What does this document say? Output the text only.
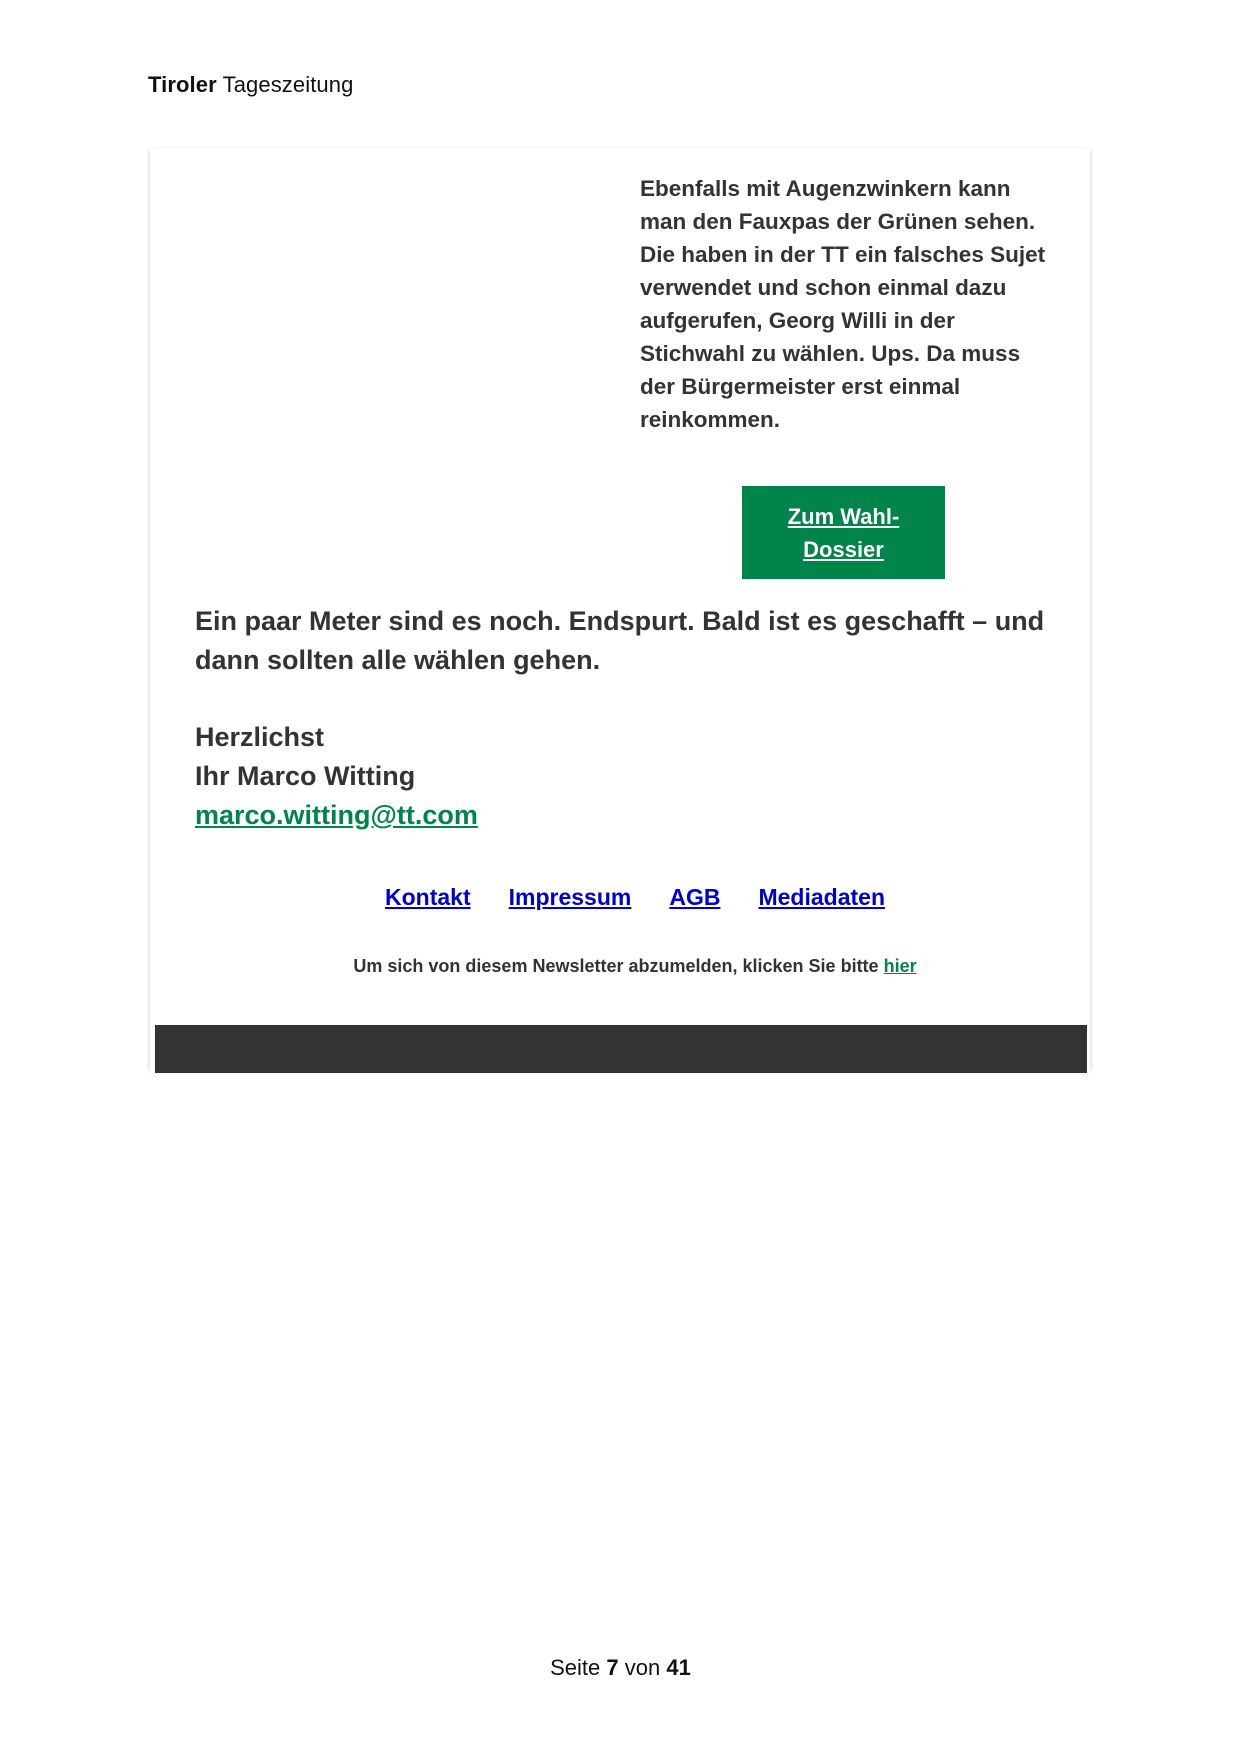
Tiroler Tageszeitung

Ebenfalls mit Augenzwinkern kann man den Fauxpas der Grünen sehen. Die haben in der TT ein falsches Sujet verwendet und schon einmal dazu aufgerufen, Georg Willi in der Stichwahl zu wählen. Ups. Da muss der Bürgermeister erst einmal reinkommen.

Zum Wahl-Dossier

Ein paar Meter sind es noch. Endspurt. Bald ist es geschafft – und dann sollten alle wählen gehen.

Herzlichst
Ihr Marco Witting
marco.witting@tt.com
Kontakt Impressum AGB Mediadaten
Um sich von diesem Newsletter abzumelden, klicken Sie bitte hier
Seite 7 von 41
